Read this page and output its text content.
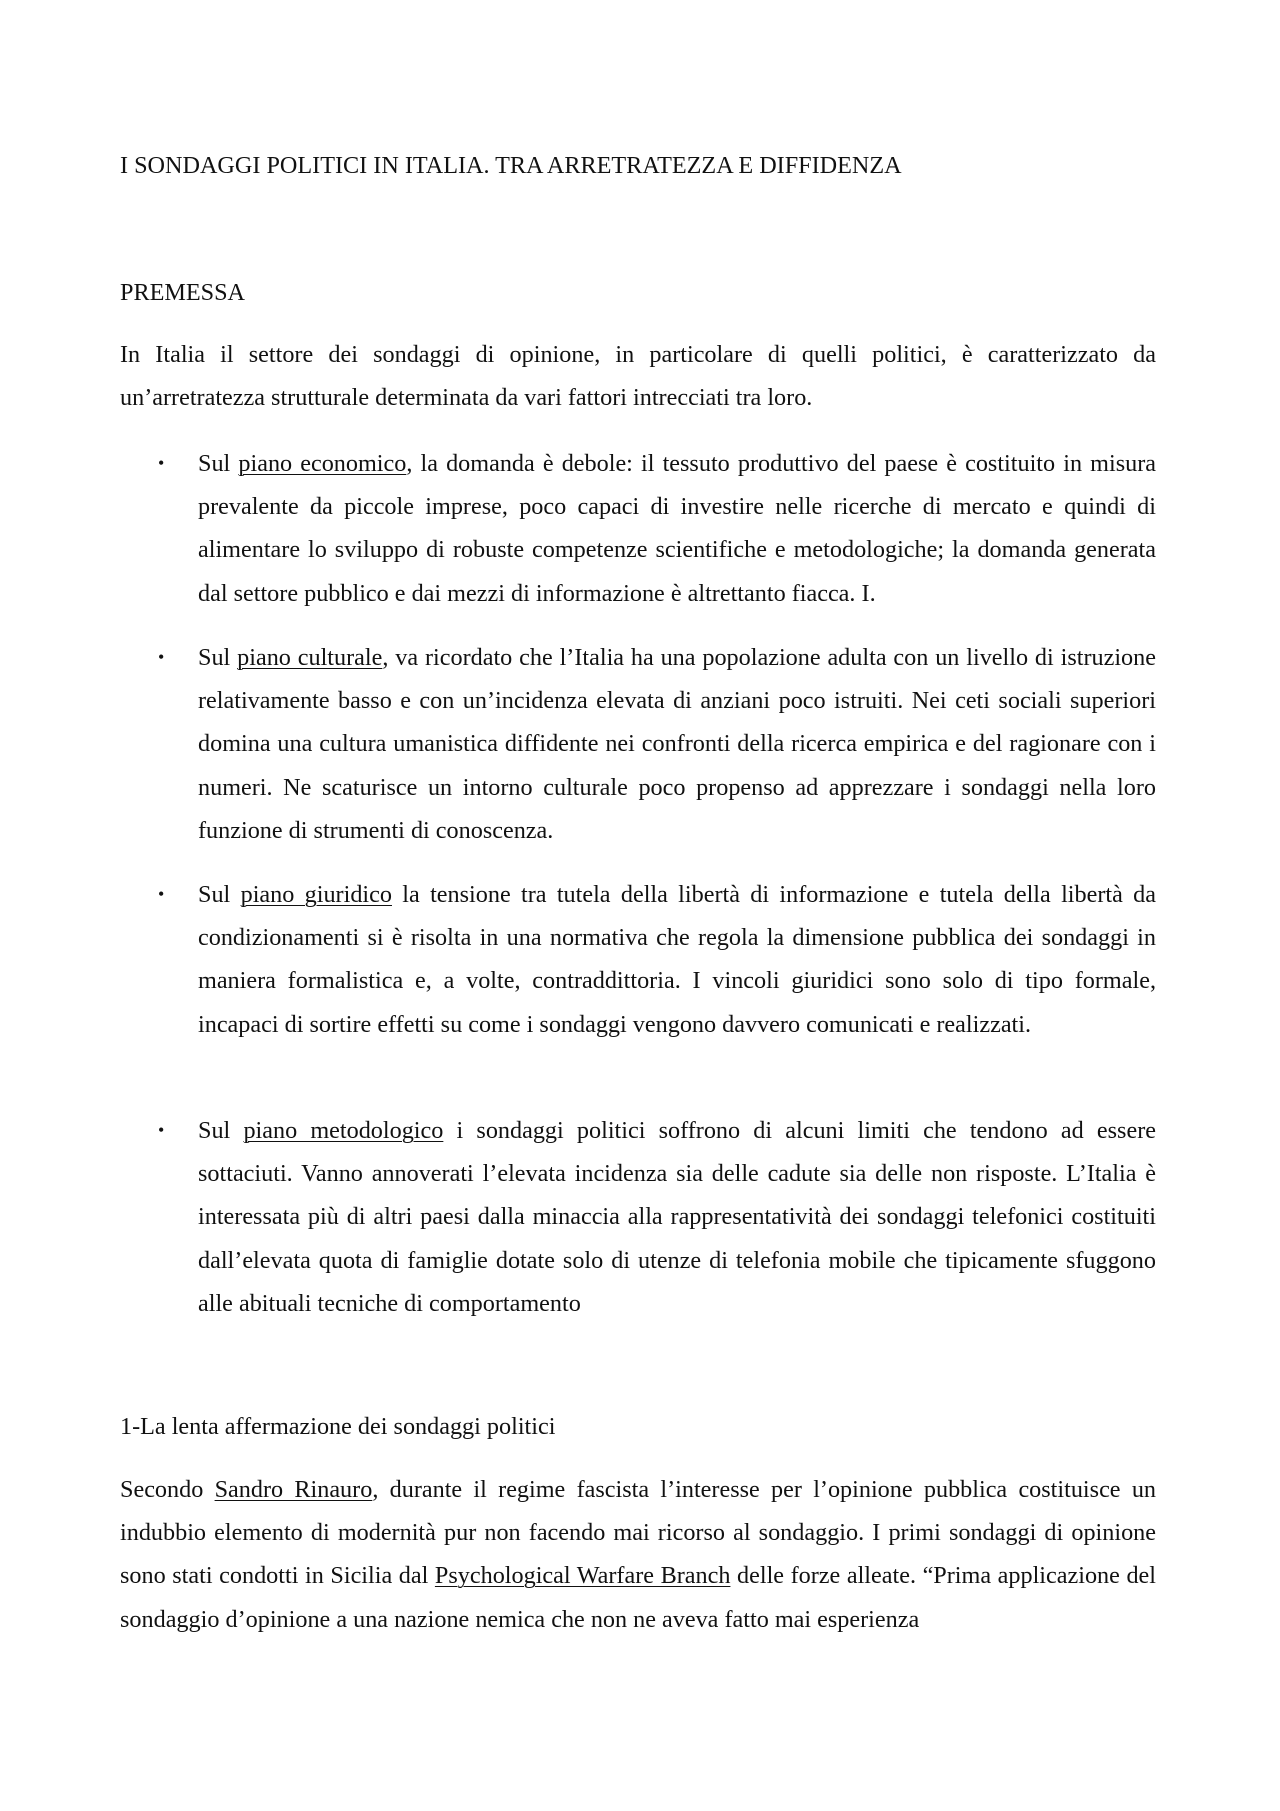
I SONDAGGI POLITICI IN ITALIA. TRA ARRETRATEZZA E DIFFIDENZA
PREMESSA

In Italia il settore dei sondaggi di opinione, in particolare di quelli politici, è caratterizzato da un’arretratezza strutturale determinata da vari fattori intrecciati tra loro.

• Sul piano economico, la domanda è debole: il tessuto produttivo del paese è costituito in misura prevalente da piccole imprese, poco capaci di investire nelle ricerche di mercato e quindi di alimentare lo sviluppo di robuste competenze scientifiche e metodologiche; la domanda generata dal settore pubblico e dai mezzi di informazione è altrettanto fiacca. I.

• Sul piano culturale, va ricordato che l’Italia ha una popolazione adulta con un livello di istruzione relativamente basso e con un’incidenza elevata di anziani poco istruiti. Nei ceti sociali superiori domina una cultura umanistica diffidente nei confronti della ricerca empirica e del ragionare con i numeri. Ne scaturisce un intorno culturale poco propenso ad apprezzare i sondaggi nella loro funzione di strumenti di conoscenza.

• Sul piano giuridico la tensione tra tutela della libertà di informazione e tutela della libertà da condizionamenti si è risolta in una normativa che regola la dimensione pubblica dei sondaggi in maniera formalistica e, a volte, contraddittoria. I vincoli giuridici sono solo di tipo formale, incapaci di sortire effetti su come i sondaggi vengono davvero comunicati e realizzati.

• Sul piano metodologico i sondaggi politici soffrono di alcuni limiti che tendono ad essere sottaciuti. Vanno annoverati l’elevata incidenza sia delle cadute sia delle non risposte. L’Italia è interessata più di altri paesi dalla minaccia alla rappresentatività dei sondaggi telefonici costituiti dall’elevata quota di famiglie dotate solo di utenze di telefonia mobile che tipicamente sfuggono alle abituali tecniche di comportamento

1-La lenta affermazione dei sondaggi politici

Secondo Sandro Rinauro, durante il regime fascista l’interesse per l’opinione pubblica costituisce un indubbio elemento di modernità pur non facendo mai ricorso al sondaggio. I primi sondaggi di opinione sono stati condotti in Sicilia dal Psychological Warfare Branch delle forze alleate. “Prima applicazione del sondaggio d’opinione a una nazione nemica che non ne aveva fatto mai esperienza
